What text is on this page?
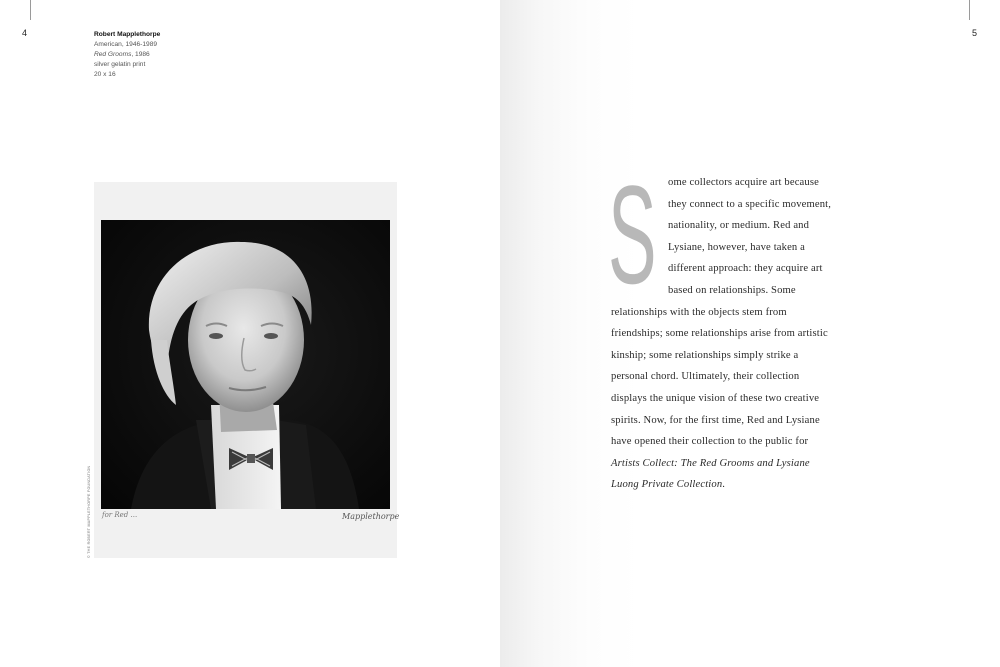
4	Robert Mapplethorpe
American, 1946-1989
Red Grooms, 1986
silver gelatin print
20 x 16
© THE ROBERT MAPPLETHORPE FOUNDATION for Red ...	Mapplethorpe
5
S ome collectors acquire art because they connect to a specific movement, nationality, or medium. Red and Lysiane, however, have taken a different approach: they acquire art based on relationships. Some relationships with the objects stem from friendships; some relationships arise from artistic kinship; some relationships simply strike a personal chord. Ultimately, their collection displays the unique vision of these two creative spirits. Now, for the first time, Red and Lysiane have opened their collection to the public for Artists Collect: The Red Grooms and Lysiane Luong Private Collection.
